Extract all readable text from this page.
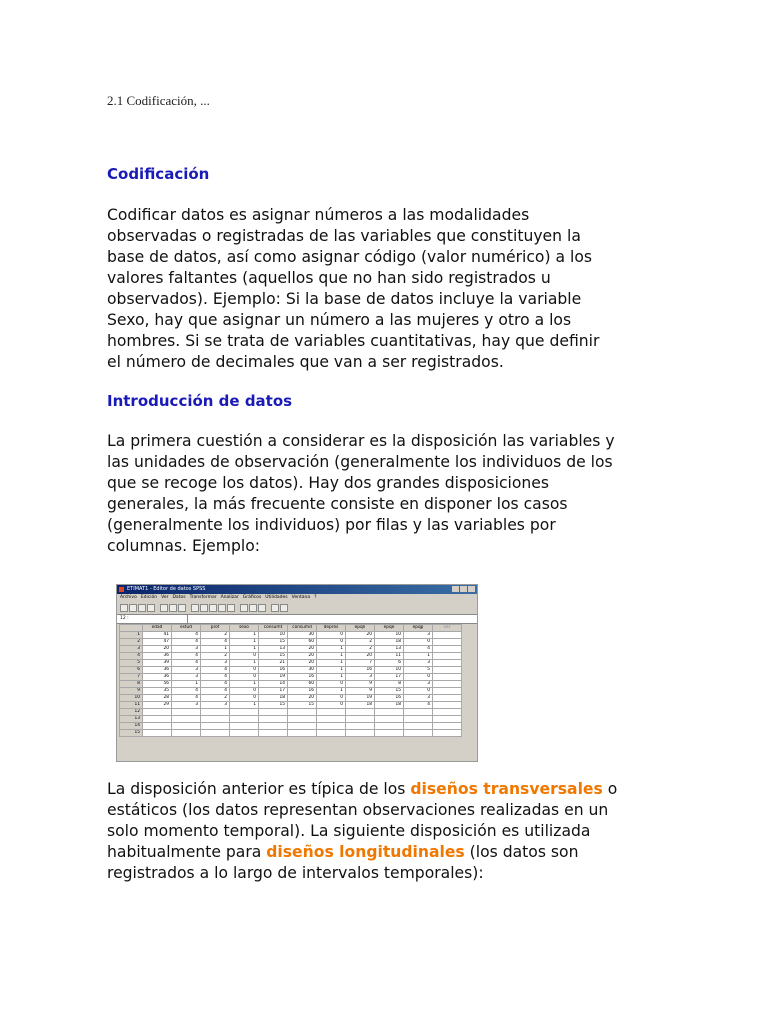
2.1 Codificación, ...
Codificación

Codificar datos es asignar números a las modalidades
observadas o registradas de las variables que constituyen la
base de datos, así como asignar código (valor numérico) a los
valores faltantes (aquellos que no han sido registrados u
observados). Ejemplo: Si la base de datos incluye la variable
Sexo, hay que asignar un número a las mujeres y otro a los
hombres. Si se trata de variables cuantitativas, hay que definir
el número de decimales que van a ser registrados.

Introducción de datos

La primera cuestión a considerar es la disposición las variables y
las unidades de observación (generalmente los individuos de los
que se recoge los datos). Hay dos grandes disposiciones
generales, la más frecuente consiste en disponer los casos
(generalmente los individuos) por filas y las variables por
columnas. Ejemplo:

ETIMAT1 - Editor de datos SPSS
Archivo Edición Ver Datos Transformar Analizar Gráficos Utilidades Ventana ?
12 :
	edad	estud	prof	sexo	consumt	consumd	depres	epqn	epqe	epqp	var
1	41	4	2	1	10	30	0	20	10	3	
2	47	4	4	1	15	60	0	2	18	0	
3	20	3	1	1	13	20	1	2	13	4	
4	36	4	2	0	15	20	1	20	11	1	
5	39	4	3	1	21	20	1	7	6	3	
6	36	3	4	0	16	30	1	16	10	5	
7	36	3	4	0	19	16	1	3	17	0	
8	56	1	4	1	14	60	0	9	8	3	
9	35	4	4	0	17	16	1	9	15	0	
10	28	4	2	0	18	20	0	19	16	3	
11	29	3	3	1	15	15	0	18	18	4	
12											
13											
14											
15											

La disposición anterior es típica de los diseños transversales o
estáticos (los datos representan observaciones realizadas en un
solo momento temporal). La siguiente disposición es utilizada
habitualmente para diseños longitudinales (los datos son
registrados a lo largo de intervalos temporales):
